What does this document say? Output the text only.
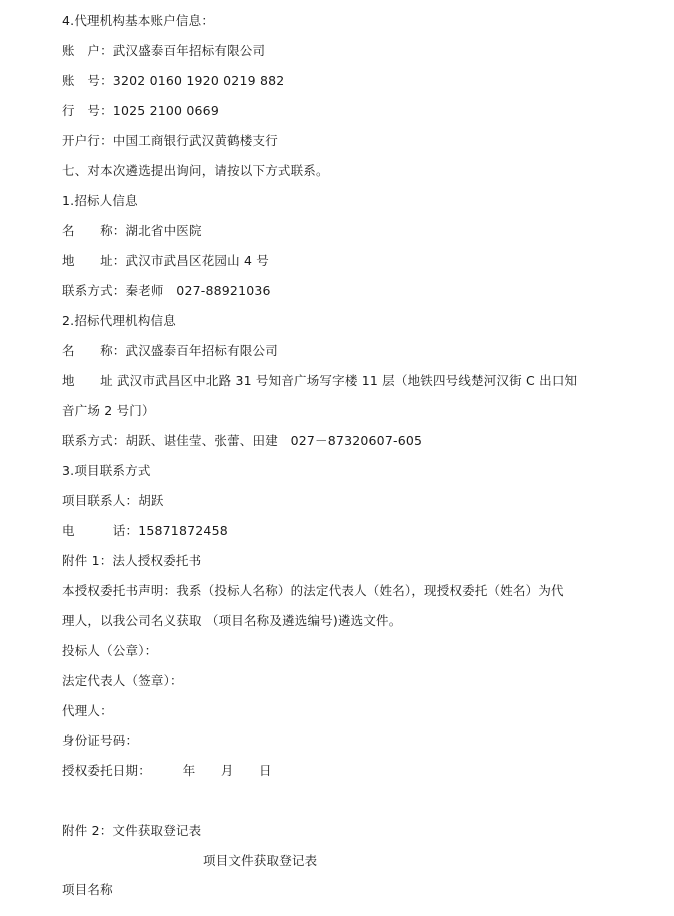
4.代理机构基本账户信息：
账　户：武汉盛泰百年招标有限公司
账　号：3202 0160 1920 0219 882
行　号：1025 2100 0669
开户行：中国工商银行武汉黄鹤楼支行
七、对本次遴选提出询问，请按以下方式联系。
1.招标人信息
名　　称：湖北省中医院
地　　址：武汉市武昌区花园山 4 号
联系方式：秦老师　027-88921036
2.招标代理机构信息
名　　称：武汉盛泰百年招标有限公司
地　　址 武汉市武昌区中北路 31 号知音广场写字楼 11 层（地铁四号线楚河汉街 C 出口知
音广场 2 号门）
联系方式：胡跃、谌佳莹、张蕾、田建　027－87320607-605
3.项目联系方式
项目联系人：胡跃
电　　　话：15871872458
附件 1：法人授权委托书
本授权委托书声明：我系（投标人名称）的法定代表人（姓名），现授权委托（姓名）为代
理人，以我公司名义获取 （项目名称及遴选编号)遴选文件。
投标人（公章）：
法定代表人（签章）：
代理人：
身份证号码：
授权委托日期：　　　年　　月　　日
附件 2：文件获取登记表
项目文件获取登记表
项目名称
